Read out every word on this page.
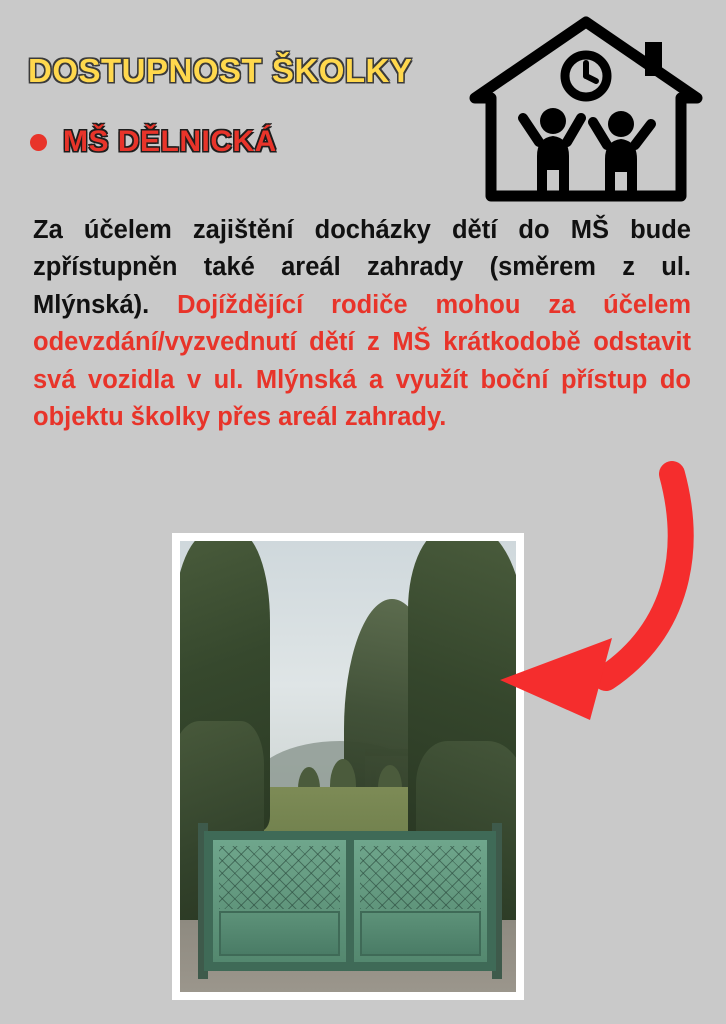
DOSTUPNOST ŠKOLKY
MŠ DĚLNICKÁ
Za účelem zajištění docházky dětí do MŠ bude zpřístupněn také areál zahrady (směrem z ul. Mlýnská). Dojíždějící rodiče mohou za účelem odevzdání/vyzvednutí dětí z MŠ krátkodobě odstavit svá vozidla v ul. Mlýnská a využít boční přístup do objektu školky přes areál zahrady.
